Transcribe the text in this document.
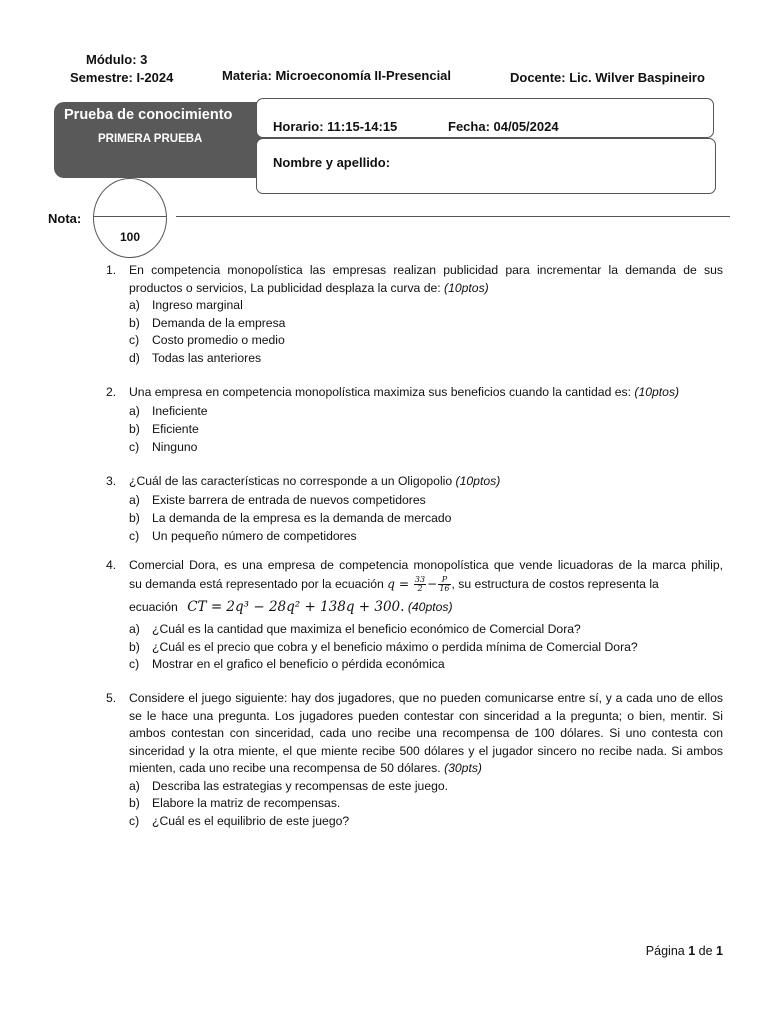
Módulo: 3
Semestre: I-2024	Materia: Microeconomía II-Presencial	Docente: Lic. Wilver Baspineiro
Prueba de conocimiento
PRIMERA PRUEBA
Horario: 11:15-14:15	Fecha: 04/05/2024
Nombre y apellido:
Nota:
100
1. En competencia monopolística las empresas realizan publicidad para incrementar la demanda de sus
productos o servicios, La publicidad desplaza la curva de: (10ptos)
a) Ingreso marginal
b) Demanda de la empresa
c) Costo promedio o medio
d) Todas las anteriores
2. Una empresa en competencia monopolística maximiza sus beneficios cuando la cantidad es: (10ptos)
a) Ineficiente
b) Eficiente
c) Ninguno
3. ¿Cuál de las características no corresponde a un Oligopolio (10ptos)
a) Existe barrera de entrada de nuevos competidores
b) La demanda de la empresa es la demanda de mercado
c) Un pequeño número de competidores
4. Comercial Dora, es una empresa de competencia monopolística que vende licuadoras de la marca philip,
su demanda está representado por la ecuación $q = \frac{33}{2} - \frac{P}{16}$ , su estructura de costos representa la
ecuación CT = 2q³ − 28q² + 138q + 300. (40ptos)
a) ¿Cuál es la cantidad que maximiza el beneficio económico de Comercial Dora?
b) ¿Cuál es el precio que cobra y el beneficio máximo o perdida mínima de Comercial Dora?
c) Mostrar en el grafico el beneficio o pérdida económica
5. Considere el juego siguiente: hay dos jugadores, que no pueden comunicarse entre sí, y a cada uno de ellos se le hace una pregunta. Los jugadores pueden contestar con sinceridad a la pregunta; o bien, mentir. Si ambos contestan con sinceridad, cada uno recibe una recompensa de 100 dólares. Si uno contesta con sinceridad y la otra miente, el que miente recibe 500 dólares y el jugador sincero no recibe nada. Si ambos mienten, cada uno recibe una recompensa de 50 dólares. (30pts)
a) Describa las estrategias y recompensas de este juego.
b) Elabore la matriz de recompensas.
c) ¿Cuál es el equilibrio de este juego?
Página 1 de 1
